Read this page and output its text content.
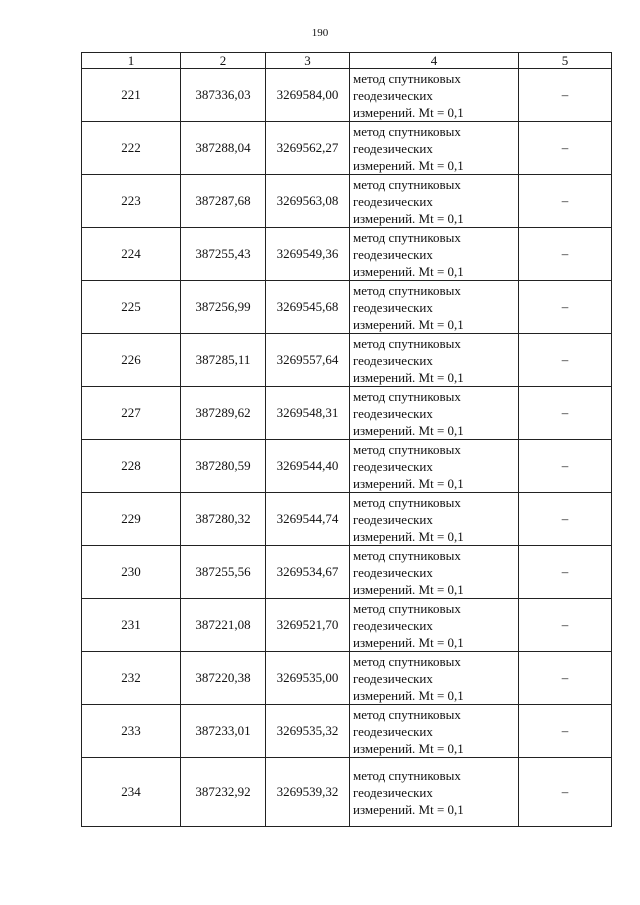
190
1	2	3	4	5
221	387336,03	3269584,00	метод спутниковых
геодезических
измерений. Mt = 0,1	–
222	387288,04	3269562,27	метод спутниковых
геодезических
измерений. Mt = 0,1	–
223	387287,68	3269563,08	метод спутниковых
геодезических
измерений. Mt = 0,1	–
224	387255,43	3269549,36	метод спутниковых
геодезических
измерений. Mt = 0,1	–
225	387256,99	3269545,68	метод спутниковых
геодезических
измерений. Mt = 0,1	–
226	387285,11	3269557,64	метод спутниковых
геодезических
измерений. Mt = 0,1	–
227	387289,62	3269548,31	метод спутниковых
геодезических
измерений. Mt = 0,1	–
228	387280,59	3269544,40	метод спутниковых
геодезических
измерений. Mt = 0,1	–
229	387280,32	3269544,74	метод спутниковых
геодезических
измерений. Mt = 0,1	–
230	387255,56	3269534,67	метод спутниковых
геодезических
измерений. Mt = 0,1	–
231	387221,08	3269521,70	метод спутниковых
геодезических
измерений. Mt = 0,1	–
232	387220,38	3269535,00	метод спутниковых
геодезических
измерений. Mt = 0,1	–
233	387233,01	3269535,32	метод спутниковых
геодезических
измерений. Mt = 0,1	–
234	387232,92	3269539,32	метод спутниковых
геодезических
измерений. Mt = 0,1	–
